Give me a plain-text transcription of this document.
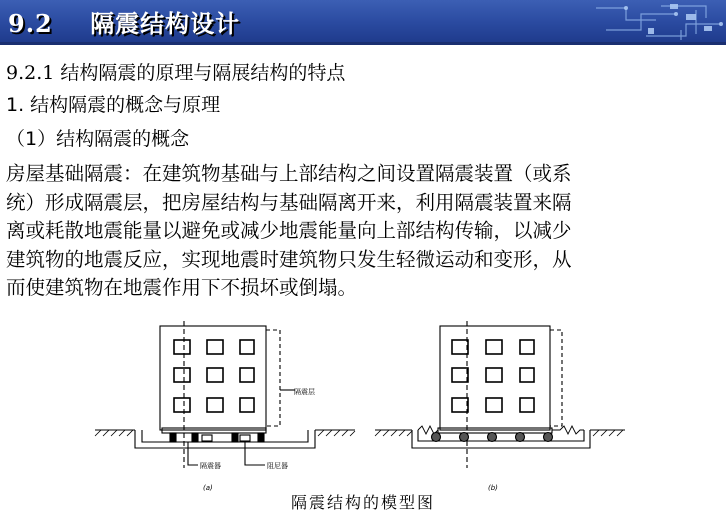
9.2 隔震结构设计
9.2.1 结构隔震的原理与隔展结构的特点
1. 结构隔震的概念与原理
（1）结构隔震的概念
房屋基础隔震：在建筑物基础与上部结构之间设置隔震装置（或系
统）形成隔震层，把房屋结构与基础隔离开来，利用隔震装置来隔
离或耗散地震能量以避免或减少地震能量向上部结构传输，以减少
建筑物的地震反应，实现地震时建筑物只发生轻微运动和变形，从
而使建筑物在地震作用下不损坏或倒塌。
隔震层
隔震器	阻尼器
(a)	(b)
隔震结构的模型图
